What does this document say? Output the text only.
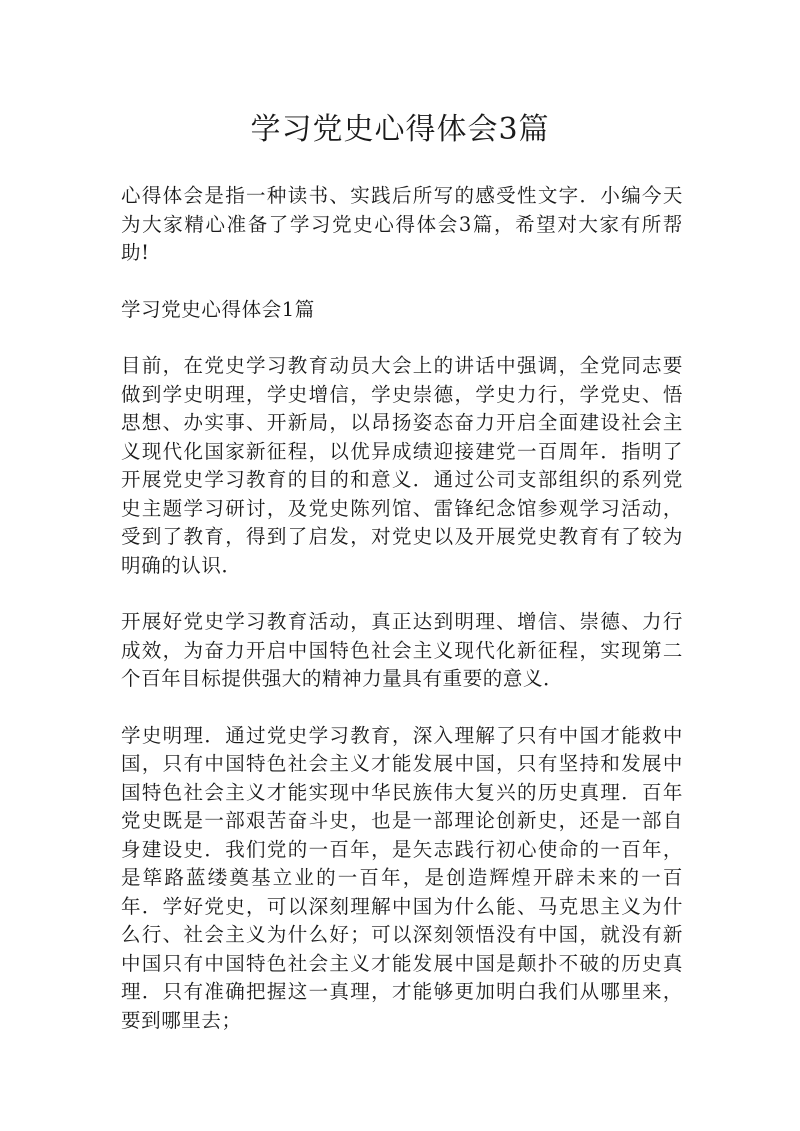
学习党史心得体会3篇

心得体会是指一种读书、实践后所写的感受性文字．小编今天为大家精心准备了学习党史心得体会3篇，希望对大家有所帮助!

学习党史心得体会1篇

目前，在党史学习教育动员大会上的讲话中强调，全党同志要做到学史明理，学史增信，学史崇德，学史力行，学党史、悟思想、办实事、开新局，以昂扬姿态奋力开启全面建设社会主义现代化国家新征程，以优异成绩迎接建党一百周年．指明了开展党史学习教育的目的和意义．通过公司支部组织的系列党史主题学习研讨，及党史陈列馆、雷锋纪念馆参观学习活动，受到了教育，得到了启发，对党史以及开展党史教育有了较为明确的认识．

开展好党史学习教育活动，真正达到明理、增信、崇德、力行成效，为奋力开启中国特色社会主义现代化新征程，实现第二个百年目标提供强大的精神力量具有重要的意义．

学史明理．通过党史学习教育，深入理解了只有中国才能救中国，只有中国特色社会主义才能发展中国，只有坚持和发展中国特色社会主义才能实现中华民族伟大复兴的历史真理．百年党史既是一部艰苦奋斗史，也是一部理论创新史，还是一部自身建设史．我们党的一百年，是矢志践行初心使命的一百年，是筚路蓝缕奠基立业的一百年，是创造辉煌开辟未来的一百年．学好党史，可以深刻理解中国为什么能、马克思主义为什么行、社会主义为什么好；可以深刻领悟没有中国，就没有新中国只有中国特色社会主义才能发展中国是颠扑不破的历史真理．只有准确把握这一真理，才能够更加明白我们从哪里来，要到哪里去；
